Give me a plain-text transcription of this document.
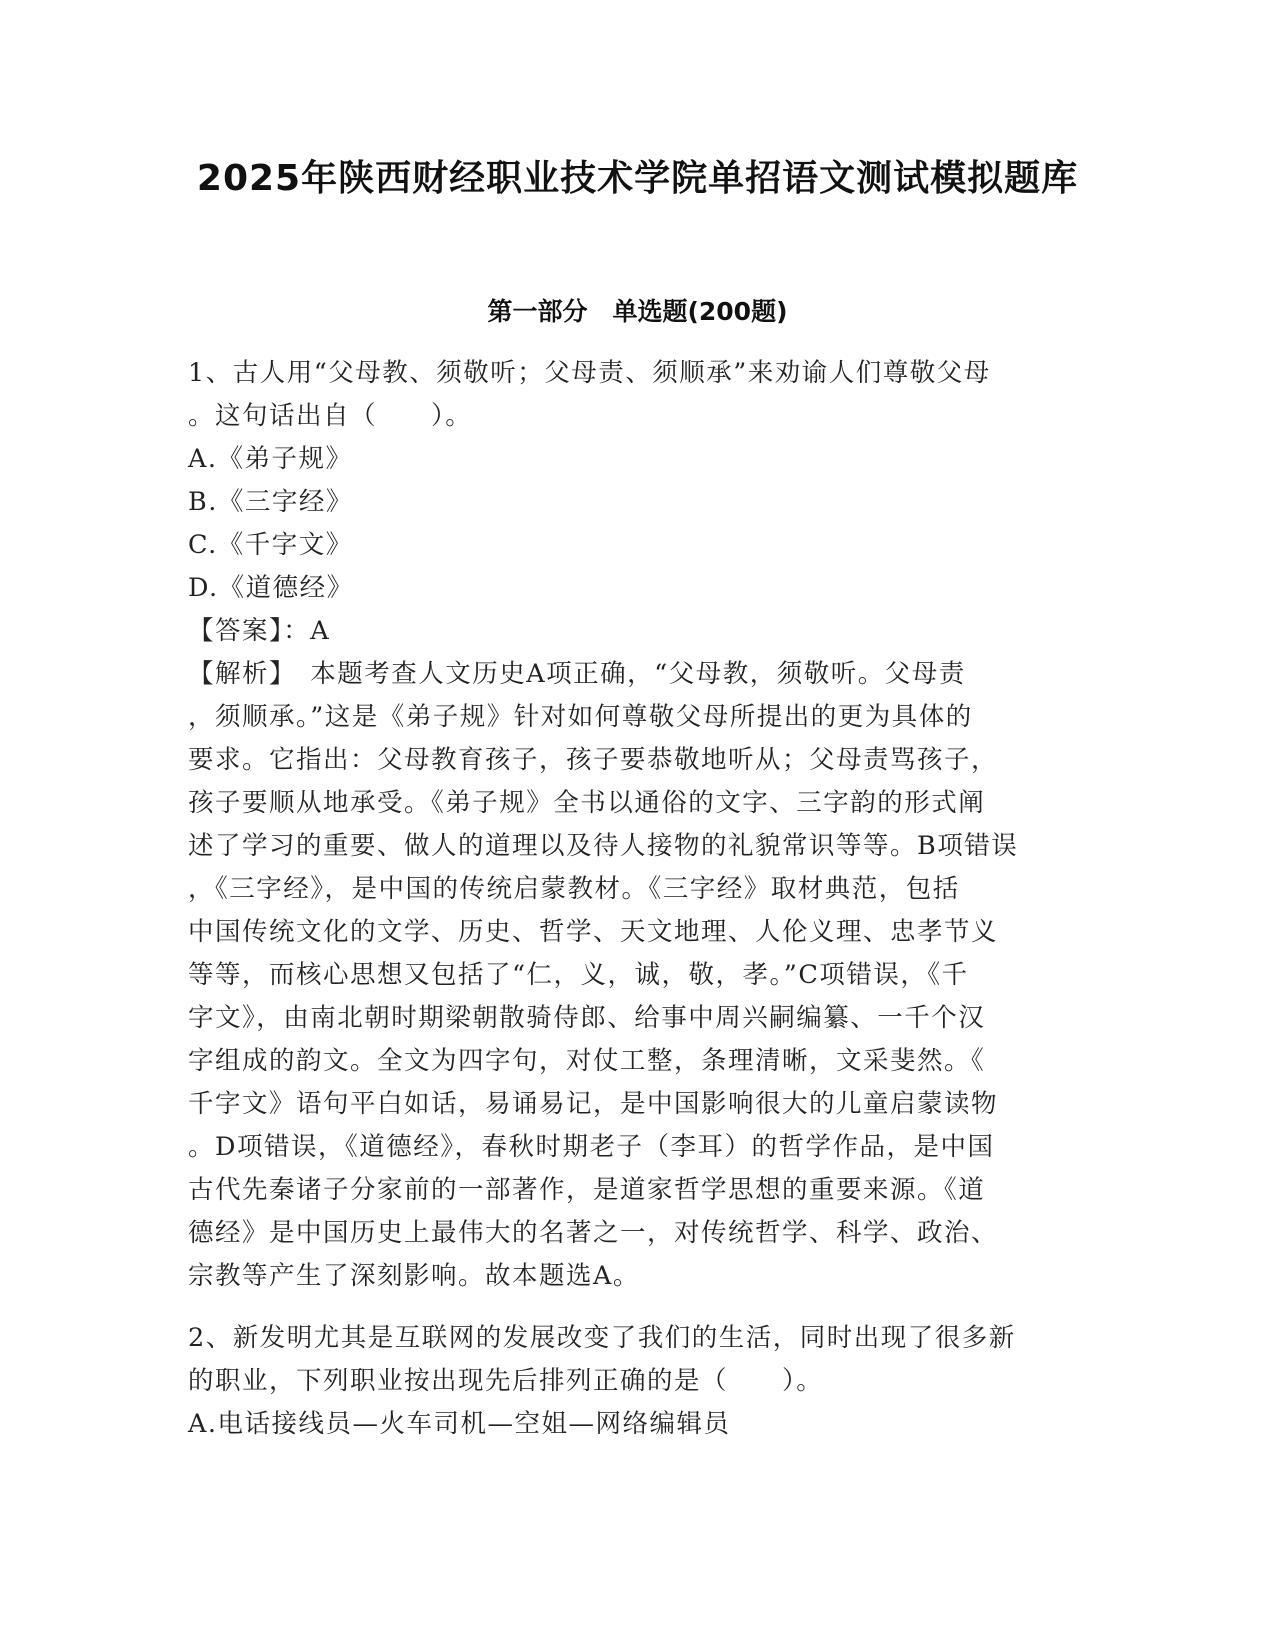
2025年陕西财经职业技术学院单招语文测试模拟题库
第一部分　单选题(200题)
1、古人用“父母教、须敬听；父母责、须顺承”来劝谕人们尊敬父母
。这句话出自（　　）。
A.《弟子规》
B.《三字经》
C.《千字文》
D.《道德经》
【答案】：A
【解析】　本题考查人文历史A项正确，“父母教，须敬听。父母责
，须顺承。”这是《弟子规》针对如何尊敬父母所提出的更为具体的
要求。它指出：父母教育孩子，孩子要恭敬地听从；父母责骂孩子，
孩子要顺从地承受。《弟子规》全书以通俗的文字、三字韵的形式阐
述了学习的重要、做人的道理以及待人接物的礼貌常识等等。B项错误
，《三字经》，是中国的传统启蒙教材。《三字经》取材典范，包括
中国传统文化的文学、历史、哲学、天文地理、人伦义理、忠孝节义
等等，而核心思想又包括了“仁，义，诚，敬，孝。”C项错误，《千
字文》，由南北朝时期梁朝散骑侍郎、给事中周兴嗣编纂、一千个汉
字组成的韵文。全文为四字句，对仗工整，条理清晰，文采斐然。《
千字文》语句平白如话，易诵易记，是中国影响很大的儿童启蒙读物
。D项错误，《道德经》，春秋时期老子（李耳）的哲学作品，是中国
古代先秦诸子分家前的一部著作，是道家哲学思想的重要来源。《道
德经》是中国历史上最伟大的名著之一，对传统哲学、科学、政治、
宗教等产生了深刻影响。故本题选A。
2、新发明尤其是互联网的发展改变了我们的生活，同时出现了很多新
的职业，下列职业按出现先后排列正确的是（　　）。
A.电话接线员—火车司机—空姐—网络编辑员
